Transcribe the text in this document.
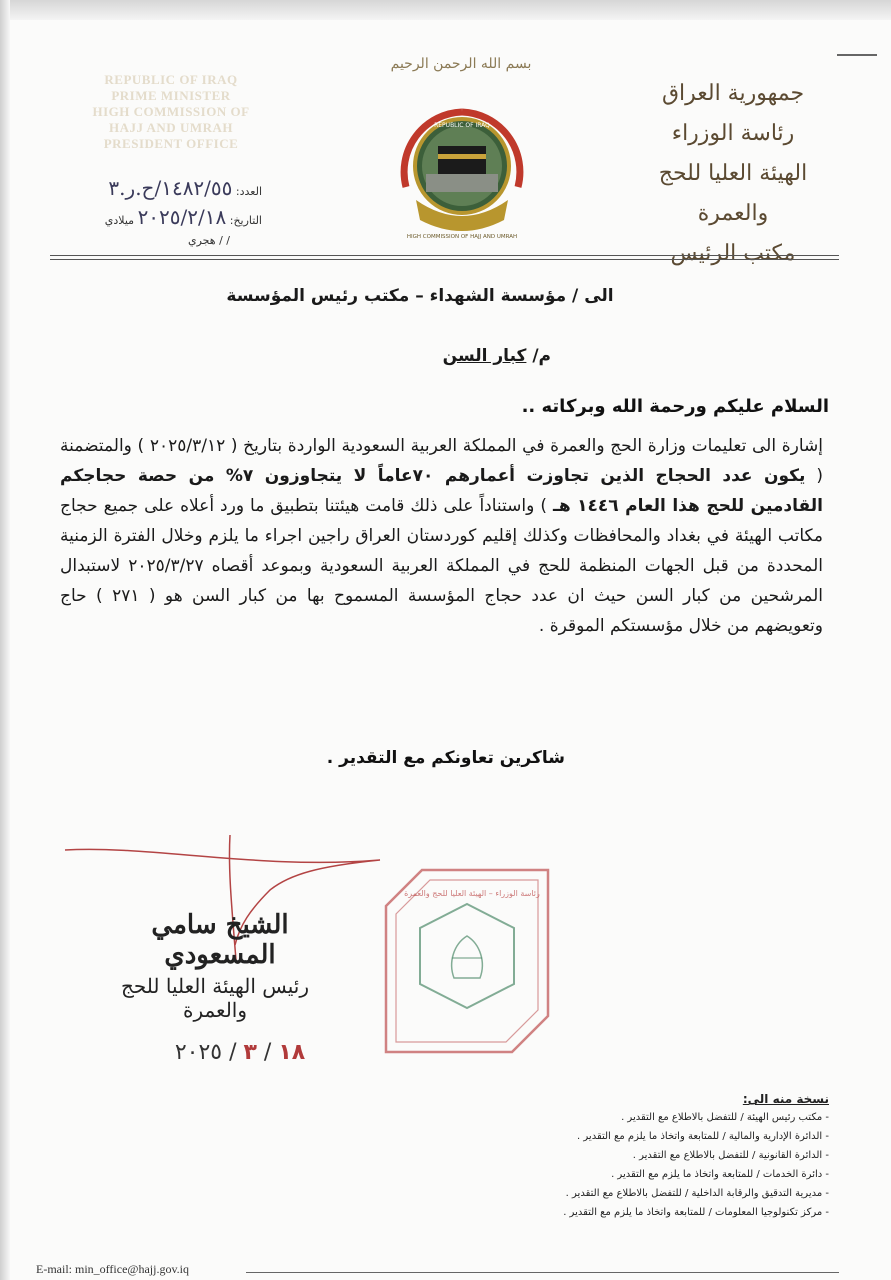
REPUBLIC OF IRAQ
PRIME MINISTER
HIGH COMMISSION OF
HAJJ AND UMRAH
PRESIDENT OFFICE
جمهورية العراق
رئاسة الوزراء
الهيئة العليا للحج والعمرة
مكتب الرئيس
بسم الله الرحمن الرحيم
REPUBLIC OF IRAQ
HIGH COMMISSION OF HAJJ AND UMRAH
العدد: ١٤٨٢/٥٥/ح.ر.٣
التاريخ: ٢٠٢٥/٢/١٨ ميلادي
/ / هجري
الى / مؤسسة الشهداء – مكتب رئيس المؤسسة
م/ كبار السن
السلام عليكم ورحمة الله وبركاته ..
إشارة الى تعليمات وزارة الحج والعمرة في المملكة العربية السعودية الواردة بتاريخ ( ٢٠٢٥/٣/١٢ ) والمتضمنة ( يكون عدد الحجاج الذين تجاوزت أعمارهم ٧٠عاماً لا يتجاوزون ٧% من حصة حجاجكم القادمين للحج هذا العام ١٤٤٦ هـ ) واستناداً على ذلك قامت هيئتنا بتطبيق ما ورد أعلاه على جميع حجاج مكاتب الهيئة في بغداد والمحافظات وكذلك إقليم كوردستان العراق راجين اجراء ما يلزم وخلال الفترة الزمنية المحددة من قبل الجهات المنظمة للحج في المملكة العربية السعودية وبموعد أقصاه ٢٠٢٥/٣/٢٧ لاستبدال المرشحين من كبار السن حيث ان عدد حجاج المؤسسة المسموح بها من كبار السن هو ( ٢٧١ ) حاج وتعويضهم من خلال مؤسستكم الموقرة .
شاكرين تعاونكم مع التقدير .
الشيخ سامي المسعودي
رئيس الهيئة العليا للحج والعمرة
١٨ / ٣ / ٢٠٢٥
رئاسة الوزراء – الهيئة العليا للحج والعمرة
نسخة منه الى:
- مكتب رئيس الهيئة / للتفضل بالاطلاع مع التقدير .
- الدائرة الإدارية والمالية / للمتابعة واتخاذ ما يلزم مع التقدير .
- الدائرة القانونية / للتفضل بالاطلاع مع التقدير .
- دائرة الخدمات / للمتابعة واتخاذ ما يلزم مع التقدير .
- مديرية التدقيق والرقابة الداخلية / للتفضل بالاطلاع مع التقدير .
- مركز تكنولوجيا المعلومات / للمتابعة واتخاذ ما يلزم مع التقدير .
E-mail: min_office@hajj.gov.iq
